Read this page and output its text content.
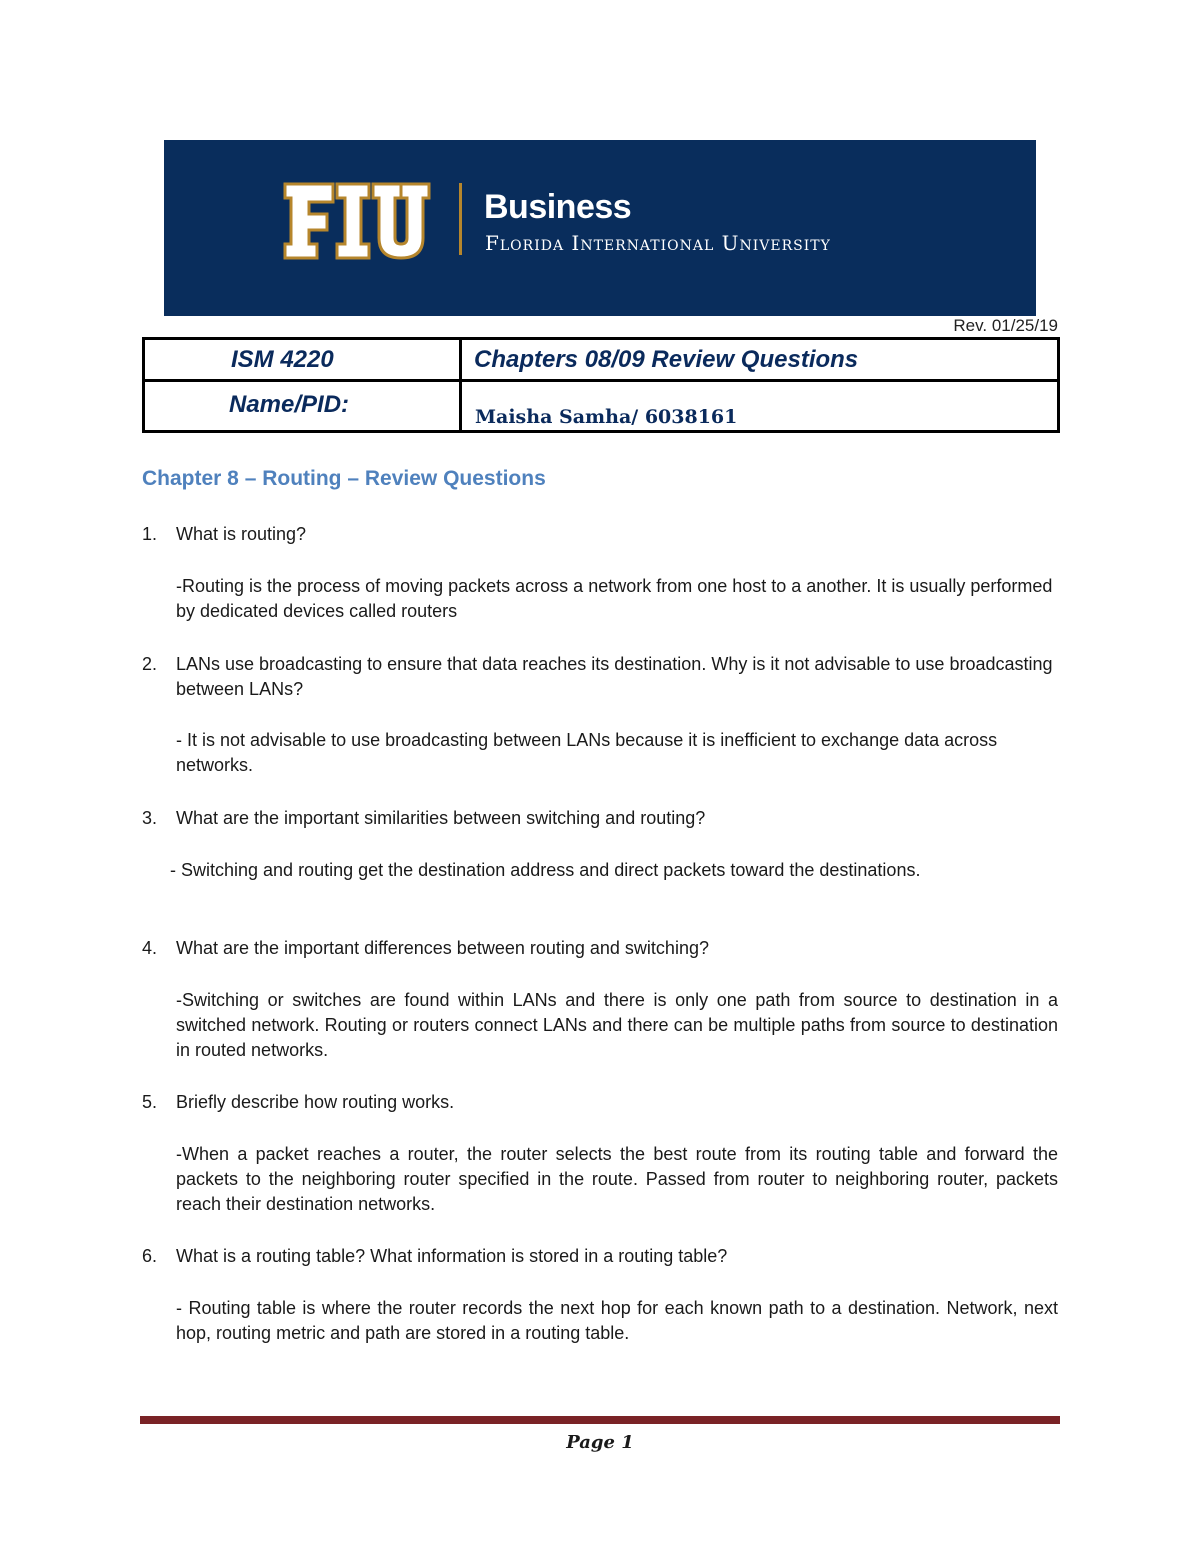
Business
Florida International University
Rev. 01/25/19
ISM 4220	Chapters 08/09 Review Questions
Name/PID:	Maisha Samha/ 6038161
Chapter 8 – Routing – Review Questions
1. What is routing?
-Routing is the process of moving packets across a network from one host to a another. It is usually performed by dedicated devices called routers
2. LANs use broadcasting to ensure that data reaches its destination. Why is it not advisable to use broadcasting between LANs?
- It is not advisable to use broadcasting between LANs because it is inefficient to exchange data across networks.
3. What are the important similarities between switching and routing?
- Switching and routing get the destination address and direct packets toward the destinations.
4. What are the important differences between routing and switching?
-Switching or switches are found within LANs and there is only one path from source to destination in a switched network. Routing or routers connect LANs and there can be multiple paths from source to destination in routed networks.
5. Briefly describe how routing works.
-When a packet reaches a router, the router selects the best route from its routing table and forward the packets to the neighboring router specified in the route. Passed from router to neighboring router, packets reach their destination networks.
6. What is a routing table? What information is stored in a routing table?
- Routing table is where the router records the next hop for each known path to a destination. Network, next hop, routing metric and path are stored in a routing table.
Page 1
